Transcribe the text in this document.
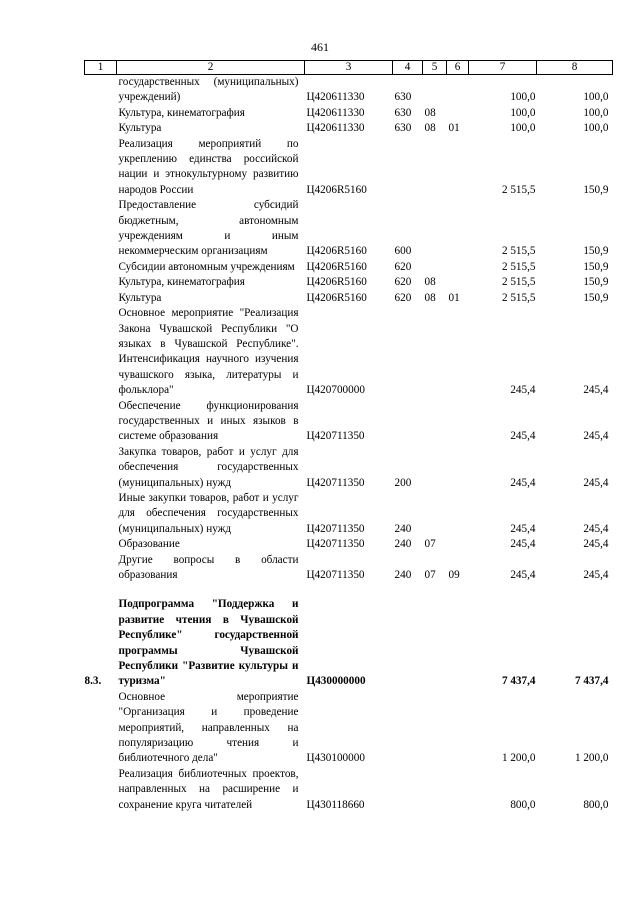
461
1	2	3	4	5	6	7	8
	государственных (муниципальных) учреждений)	Ц420611330	630			100,0	100,0
	Культура, кинематография	Ц420611330	630	08		100,0	100,0
	Культура	Ц420611330	630	08	01	100,0	100,0
	Реализация мероприятий по укреплению единства российской нации и этнокультурному развитию народов России	Ц4206R5160				2 515,5	150,9
	Предоставление субсидий бюджетным, автономным учреждениям и иным некоммерческим организациям	Ц4206R5160	600			2 515,5	150,9
	Субсидии автономным учреждениям	Ц4206R5160	620			2 515,5	150,9
	Культура, кинематография	Ц4206R5160	620	08		2 515,5	150,9
	Культура	Ц4206R5160	620	08	01	2 515,5	150,9
	Основное мероприятие "Реализация Закона Чувашской Республики "О языках в Чувашской Республике". Интенсификация научного изучения чувашского языка, литературы и фольклора"	Ц420700000				245,4	245,4
	Обеспечение функционирования государственных и иных языков в системе образования	Ц420711350				245,4	245,4
	Закупка товаров, работ и услуг для обеспечения государственных (муниципальных) нужд	Ц420711350	200			245,4	245,4
	Иные закупки товаров, работ и услуг для обеспечения государственных (муниципальных) нужд	Ц420711350	240			245,4	245,4
	Образование	Ц420711350	240	07		245,4	245,4
	Другие вопросы в области образования	Ц420711350	240	07	09	245,4	245,4

8.3.	Подпрограмма "Поддержка и развитие чтения в Чувашской Республике" государственной программы Чувашской Республики "Развитие культуры и туризма"	Ц430000000				7 437,4	7 437,4
	Основное мероприятие "Организация и проведение мероприятий, направленных на популяризацию чтения и библиотечного дела"	Ц430100000				1 200,0	1 200,0
	Реализация библиотечных проектов, направленных на расширение и сохранение круга читателей	Ц430118660				800,0	800,0
